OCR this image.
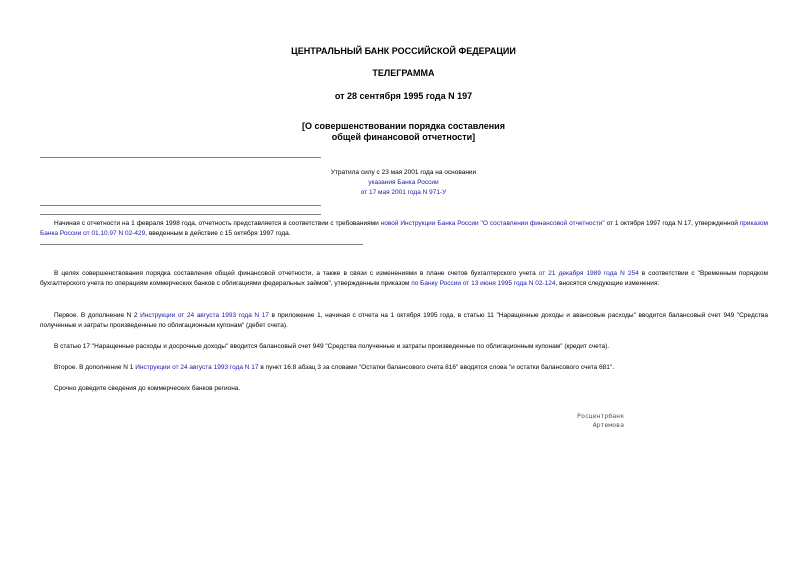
ЦЕНТРАЛЬНЫЙ БАНК РОССИЙСКОЙ ФЕДЕРАЦИИ
ТЕЛЕГРАММА
от 28 сентября 1995 года N 197
[О совершенствовании порядка составления
общей финансовой отчетности]
Утратила силу с 23 мая 2001 года на основании
указания Банка России
от 17 мая 2001 года N 971-У
Начиная с отчетности на 1 февраля 1998 года, отчетность представляется в соответствии с требованиями новой Инструкции Банка России "О составлении финансовой отчетности" от 1 октября 1997 года N 17, утвержденной приказом Банка России от 01.10.97 N 02-429, введенным в действие с 15 октября 1997 года.
В целях совершенствования порядка составления общей финансовой отчетности, а также в связи с изменениями в плане счетов бухгалтерского учета от 21 декабря 1989 года N 254 в соответствии с "Временным порядком бухгалтерского учета по операциям коммерческих банков с облигациями федеральных займов", утвержденным приказом по Банку России от 13 июня 1995 года N 02-124, вносятся следующие изменения:
Первое. В дополнение N 2 Инструкции от 24 августа 1993 года N 17 в приложение 1, начиная с отчета на 1 октября 1995 года, в статью 11 "Наращенные доходы и авансовые расходы" вводится балансовый счет 949 "Средства полученные и затраты произведенные по облигационным купонам" (дебет счета).
В статью 17 "Наращенные расходы и досрочные доходы" вводится балансовый счет 949 "Средства полученные и затраты произведенные по облигационным купонам" (кредит счета).
Второе. В дополнение N 1 Инструкции от 24 августа 1993 года N 17 в пункт 16.8 абзац 3 за словами "Остатки балансового счета 816" вводятся слова "и остатки балансового счета 681".
Срочно доведите сведения до коммерческих банков региона.
Росцентрбанк
Артемова
